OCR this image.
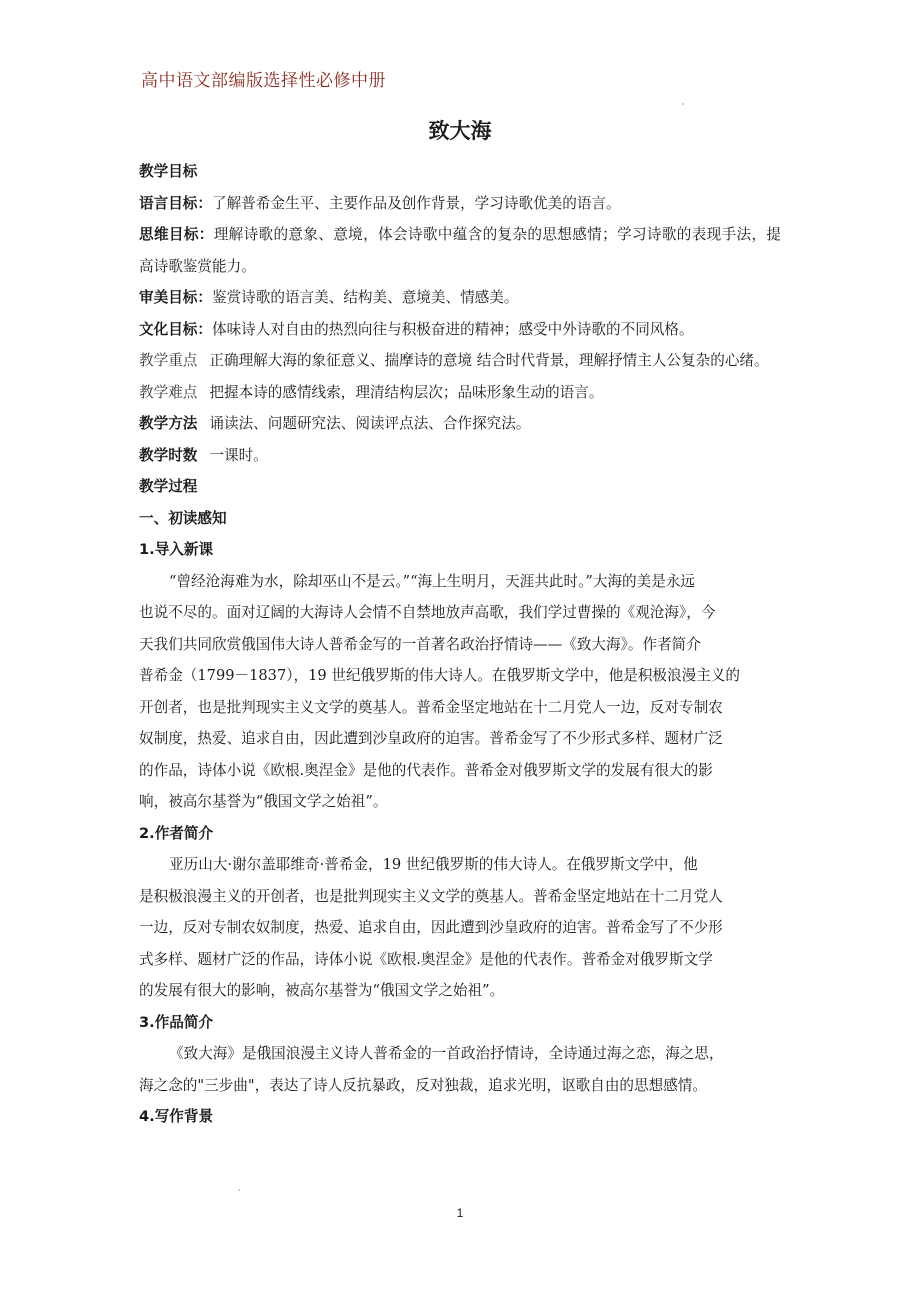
高中语文部编版选择性必修中册
致大海

教学目标

语言目标：了解普希金生平、主要作品及创作背景，学习诗歌优美的语言。

思维目标：理解诗歌的意象、意境，体会诗歌中蕴含的复杂的思想感情；学习诗歌的表现手法，提高诗歌鉴赏能力。

审美目标：鉴赏诗歌的语言美、结构美、意境美、情感美。

文化目标：体味诗人对自由的热烈向往与积极奋进的精神；感受中外诗歌的不同风格。

教学重点 正确理解大海的象征意义、揣摩诗的意境 结合时代背景，理解抒情主人公复杂的心绪。

教学难点 把握本诗的感情线索，理清结构层次；品味形象生动的语言。

教学方法 诵读法、问题研究法、阅读评点法、合作探究法。

教学时数 一课时。

教学过程

一、初读感知

1.导入新课

“曾经沧海难为水，除却巫山不是云。”“海上生明月，天涯共此时。”大海的美是永远

也说不尽的。面对辽阔的大海诗人会情不自禁地放声高歌，我们学过曹操的《观沧海》，今

天我们共同欣赏俄国伟大诗人普希金写的一首著名政治抒情诗——《致大海》。作者简介

普希金（1799－1837），19 世纪俄罗斯的伟大诗人。在俄罗斯文学中，他是积极浪漫主义的

开创者，也是批判现实主义文学的奠基人。普希金坚定地站在十二月党人一边，反对专制农

奴制度，热爱、追求自由，因此遭到沙皇政府的迫害。普希金写了不少形式多样、题材广泛

的作品，诗体小说《欧根.奥涅金》是他的代表作。普希金对俄罗斯文学的发展有很大的影

响，被高尔基誉为“俄国文学之始祖”。

2.作者简介

亚历山大·谢尔盖耶维奇·普希金，19 世纪俄罗斯的伟大诗人。在俄罗斯文学中，他

是积极浪漫主义的开创者，也是批判现实主义文学的奠基人。普希金坚定地站在十二月党人

一边，反对专制农奴制度，热爱、追求自由，因此遭到沙皇政府的迫害。普希金写了不少形

式多样、题材广泛的作品，诗体小说《欧根.奥涅金》是他的代表作。普希金对俄罗斯文学

的发展有很大的影响，被高尔基誉为“俄国文学之始祖”。

3.作品简介

《致大海》是俄国浪漫主义诗人普希金的一首政治抒情诗，全诗通过海之恋，海之思，

海之念的"三步曲"，表达了诗人反抗暴政，反对独裁，追求光明，讴歌自由的思想感情。

4.写作背景

1
